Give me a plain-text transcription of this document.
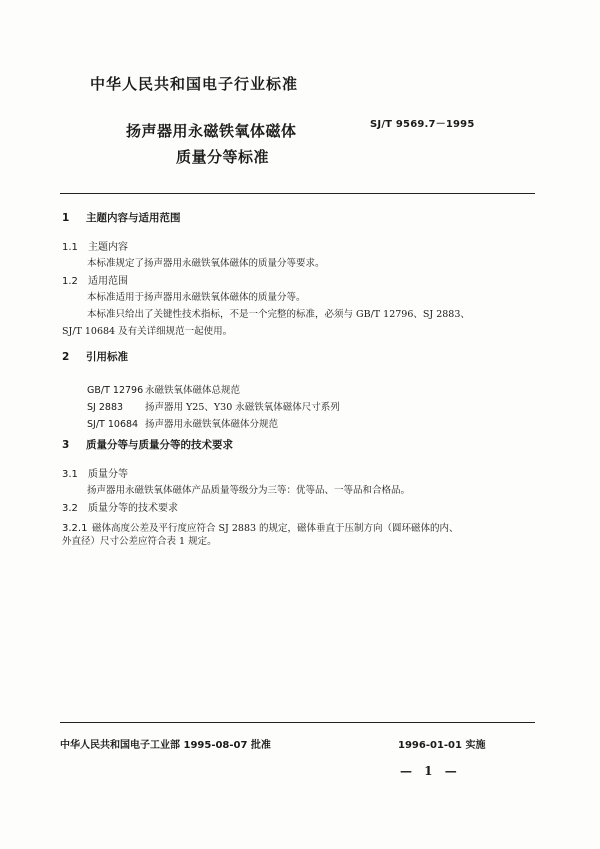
中华人民共和国电子行业标准
SJ/T 9569.7－1995
扬声器用永磁铁氧体磁体
质量分等标准
1 主题内容与适用范围
1.1 主题内容
本标准规定了扬声器用永磁铁氧体磁体的质量分等要求。
1.2 适用范围
本标准适用于扬声器用永磁铁氧体磁体的质量分等。
本标准只给出了关键性技术指标，不是一个完整的标准，必须与 GB/T 12796、SJ 2883、
SJ/T 10684 及有关详细规范一起使用。
2 引用标准
GB/T 12796 永磁铁氧体磁体总规范
SJ 2883 扬声器用 Y25、Y30 永磁铁氧体磁体尺寸系列
SJ/T 10684 扬声器用永磁铁氧体磁体分规范
3 质量分等与质量分等的技术要求
3.1 质量分等
扬声器用永磁铁氧体磁体产品质量等级分为三等：优等品、一等品和合格品。
3.2 质量分等的技术要求
3.2.1 磁体高度公差及平行度应符合 SJ 2883 的规定，磁体垂直于压制方向（圆环磁体的内、
外直径）尺寸公差应符合表 1 规定。
中华人民共和国电子工业部 1995-08-07 批准	1996-01-01 实施
— 1 —
